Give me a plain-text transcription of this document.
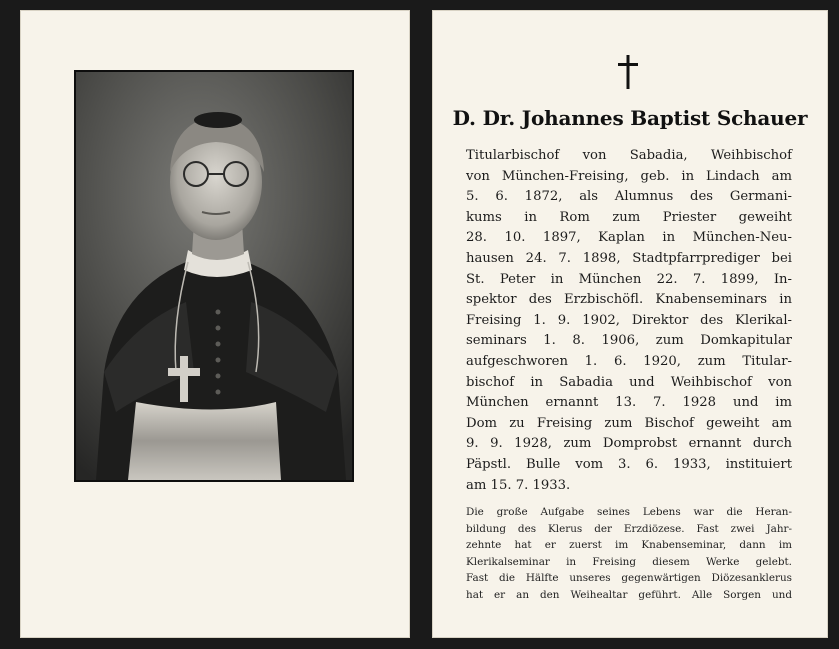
D. Dr. Johannes Baptist Schauer

Titularbischof von Sabadia, Weihbischof
von München-Freising, geb. in Lindach am
5. 6. 1872, als Alumnus des Germani-
kums in Rom zum Priester geweiht
28. 10. 1897, Kaplan in München-Neu-
hausen 24. 7. 1898, Stadtpfarrprediger bei
St. Peter in München 22. 7. 1899, In-
spektor des Erzbischöfl. Knabenseminars in
Freising 1. 9. 1902, Direktor des Klerikal-
seminars 1. 8. 1906, zum Domkapitular
aufgeschworen 1. 6. 1920, zum Titular-
bischof in Sabadia und Weihbischof von
München ernannt 13. 7. 1928 und im
Dom zu Freising zum Bischof geweiht am
9. 9. 1928, zum Domprobst ernannt durch
Päpstl. Bulle vom 3. 6. 1933, instituiert
am 15. 7. 1933.

Die große Aufgabe seines Lebens war die Heran-
bildung des Klerus der Erzdiözese. Fast zwei Jahr-
zehnte hat er zuerst im Knabenseminar, dann im
Klerikalseminar in Freising diesem Werke gelebt.
Fast die Hälfte unseres gegenwärtigen Diözesanklerus
hat er an den Weihealtar geführt. Alle Sorgen und
